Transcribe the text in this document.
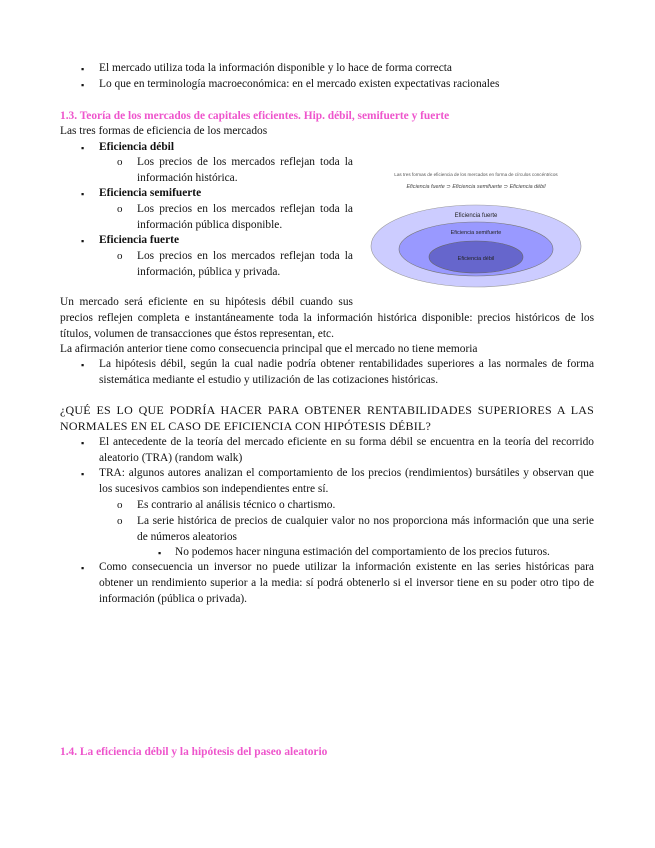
▪ El mercado utiliza toda la información disponible y lo hace de forma correcta
▪ Lo que en terminología macroeconómica: en el mercado existen expectativas racionales
1.3. Teoría de los mercados de capitales eficientes. Hip. débil, semifuerte y fuerte
Las tres formas de eficiencia de los mercados
▪ Eficiencia débil
o Los precios de los mercados reflejan toda la
información histórica.
▪ Eficiencia semifuerte
o Los precios en los mercados reflejan toda la
información pública disponible.
▪ Eficiencia fuerte
o Los precios en los mercados reflejan toda la
información, pública y privada.
Las tres formas de eficiencia de los mercados en forma de círculos concéntricos
Eficiencia fuerte ⊃ Eficiencia semifuerte ⊃ Eficiencia débil
Eficiencia fuerte
Eficiencia semifuerte
Eficiencia débil
Un mercado será eficiente en su hipótesis débil cuando sus
precios reflejen completa e instantáneamente toda la información histórica disponible: precios históricos de los
títulos, volumen de transacciones que éstos representan, etc.
La afirmación anterior tiene como consecuencia principal que el mercado no tiene memoria
▪ La hipótesis débil, según la cual nadie podría obtener rentabilidades superiores a las normales de forma
sistemática mediante el estudio y utilización de las cotizaciones históricas.
¿QUÉ ES LO QUE PODRÍA HACER PARA OBTENER RENTABILIDADES SUPERIORES A LAS
NORMALES EN EL CASO DE EFICIENCIA CON HIPÓTESIS DÉBIL?
▪ El antecedente de la teoría del mercado eficiente en su forma débil se encuentra en la teoría del recorrido
aleatorio (TRA) (random walk)
▪ TRA: algunos autores analizan el comportamiento de los precios (rendimientos) bursátiles y observan que
los sucesivos cambios son independientes entre sí.
o Es contrario al análisis técnico o chartismo.
o La serie histórica de precios de cualquier valor no nos proporciona más información que una serie
de números aleatorios
▪ No podemos hacer ninguna estimación del comportamiento de los precios futuros.
▪ Como consecuencia un inversor no puede utilizar la información existente en las series históricas para
obtener un rendimiento superior a la media: sí podrá obtenerlo si el inversor tiene en su poder otro tipo de
información (pública o privada).
1.4. La eficiencia débil y la hipótesis del paseo aleatorio
